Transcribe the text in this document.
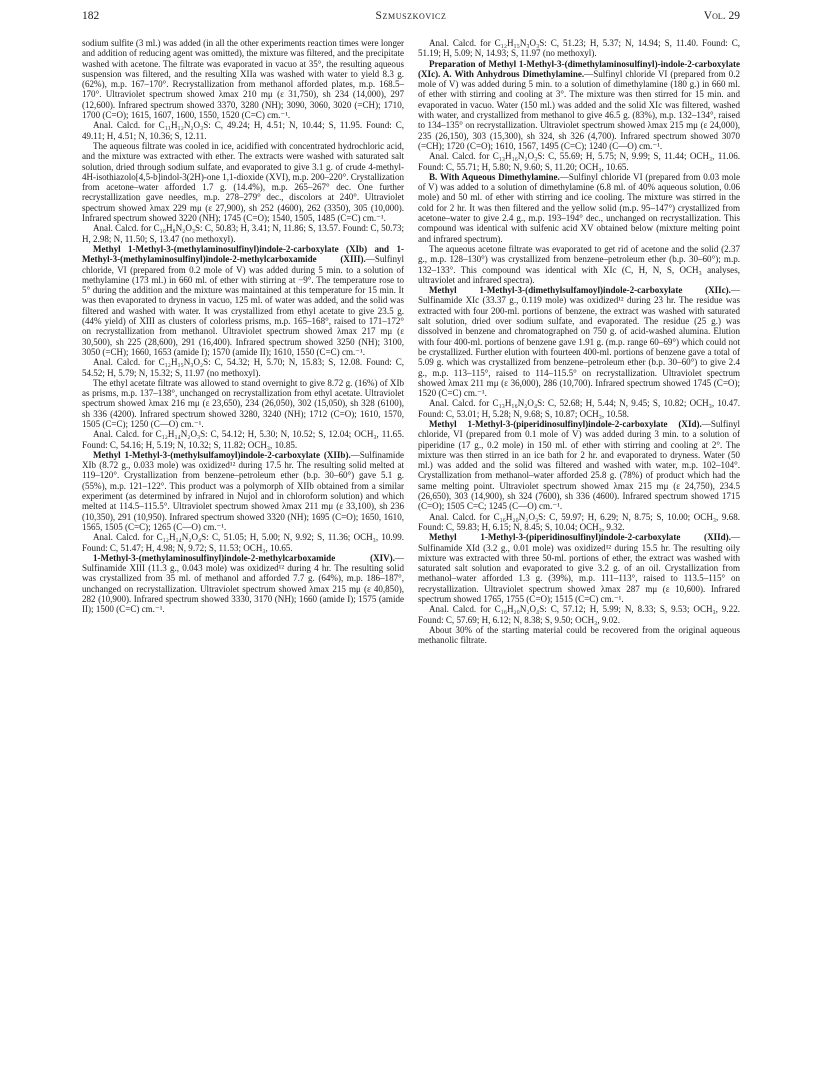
182	Szmuszkovicz	Vol. 29

sodium sulfite (3 ml.) was added (in all the other experiments reaction times were longer and addition of reducing agent was omitted), the mixture was filtered, and the precipitate washed with acetone. The filtrate was evaporated in vacuo at 35°, the resulting aqueous suspension was filtered, and the resulting XIIa was washed with water to yield 8.3 g. (62%), m.p. 167–170°. Recrystallization from methanol afforded plates, m.p. 168.5–170°. Ultraviolet spectrum showed λmax 210 mμ (ε 31,750), sh 234 (14,000), 297 (12,600). Infrared spectrum showed 3370, 3280 (NH); 3090, 3060, 3020 (=CH); 1710, 1700 (C=O); 1615, 1607, 1600, 1550, 1520 (C=C) cm.⁻¹.

Anal. Calcd. for C₁₁H₁₂N₂O₃S: C, 49.24; H, 4.51; N, 10.44; S, 11.95. Found: C, 49.11; H, 4.51; N, 10.36; S, 12.11.

The aqueous filtrate was cooled in ice, acidified with concentrated hydrochloric acid, and the mixture was extracted with ether. The extracts were washed with saturated salt solution, dried through sodium sulfate, and evaporated to give 3.1 g. of crude 4-methyl-4H-isothiazolo[4,5-b]indol-3(2H)-one 1,1-dioxide (XVI), m.p. 200–220°. Crystallization from acetone–water afforded 1.7 g. (14.4%), m.p. 265–267° dec. One further recrystallization gave needles, m.p. 278–279° dec., discolors at 240°. Ultraviolet spectrum showed λmax 229 mμ (ε 27,900), sh 252 (4600), 262 (3350), 305 (10,000). Infrared spectrum showed 3220 (NH); 1745 (C=O); 1540, 1505, 1485 (C=C) cm.⁻¹.

Anal. Calcd. for C₁₀H₈N₂O₃S: C, 50.83; H, 3.41; N, 11.86; S, 13.57. Found: C, 50.73; H, 2.98; N, 11.50; S, 13.47 (no methoxyl).

Methyl 1-Methyl-3-(methylaminosulfinyl)indole-2-carboxylate (XIb) and 1-Methyl-3-(methylaminosulfinyl)indole-2-methylcarboxamide (XIII).—Sulfinyl chloride, VI (prepared from 0.2 mole of V) was added during 5 min. to a solution of methylamine (173 ml.) in 660 ml. of ether with stirring at −9°. The temperature rose to 5° during the addition and the mixture was maintained at this temperature for 15 min. It was then evaporated to dryness in vacuo, 125 ml. of water was added, and the solid was filtered and washed with water. It was crystallized from ethyl acetate to give 23.5 g. (44% yield) of XIII as clusters of colorless prisms, m.p. 165–168°, raised to 171–172° on recrystallization from methanol. Ultraviolet spectrum showed λmax 217 mμ (ε 30,500), sh 225 (28,600), 291 (16,400). Infrared spectrum showed 3250 (NH); 3100, 3050 (=CH); 1660, 1653 (amide I); 1570 (amide II); 1610, 1550 (C=C) cm.⁻¹.

Anal. Calcd. for C₁₂H₁₅N₃O₂S: C, 54.32; H, 5.70; N, 15.83; S, 12.08. Found: C, 54.52; H, 5.79; N, 15.32; S, 11.97 (no methoxyl).

The ethyl acetate filtrate was allowed to stand overnight to give 8.72 g. (16%) of XIb as prisms, m.p. 137–138°, unchanged on recrystallization from ethyl acetate. Ultraviolet spectrum showed λmax 216 mμ (ε 23,650), 234 (26,050), 302 (15,050), sh 328 (6100), sh 336 (4200). Infrared spectrum showed 3280, 3240 (NH); 1712 (C=O); 1610, 1570, 1505 (C=C); 1250 (C—O) cm.⁻¹.

Anal. Calcd. for C₁₂H₁₄N₂O₃S: C, 54.12; H, 5.30; N, 10.52; S, 12.04; OCH₃, 11.65. Found: C, 54.16; H, 5.19; N, 10.32; S, 11.82; OCH₃, 10.85.

Methyl 1-Methyl-3-(methylsulfamoyl)indole-2-carboxylate (XIIb).—Sulfinamide XIb (8.72 g., 0.033 mole) was oxidized¹² during 17.5 hr. The resulting solid melted at 119–120°. Crystallization from benzene–petroleum ether (b.p. 30–60°) gave 5.1 g. (55%), m.p. 121–122°. This product was a polymorph of XIIb obtained from a similar experiment (as determined by infrared in Nujol and in chloroform solution) and which melted at 114.5–115.5°. Ultraviolet spectrum showed λmax 211 mμ (ε 33,100), sh 236 (10,350), 291 (10,950). Infrared spectrum showed 3320 (NH); 1695 (C=O); 1650, 1610, 1565, 1505 (C=C); 1265 (C—O) cm.⁻¹.

Anal. Calcd. for C₁₂H₁₄N₂O₄S: C, 51.05; H, 5.00; N, 9.92; S, 11.36; OCH₃, 10.99. Found: C, 51.47; H, 4.98; N, 9.72; S, 11.53; OCH₃, 10.65.

1-Methyl-3-(methylaminosulfinyl)indole-2-methylcarboxamide (XIV).—Sulfinamide XIII (11.3 g., 0.043 mole) was oxidized¹² during 4 hr. The resulting solid was crystallized from 35 ml. of methanol and afforded 7.7 g. (64%), m.p. 186–187°, unchanged on recrystallization. Ultraviolet spectrum showed λmax 215 mμ (ε 40,850), 282 (10,900). Infrared spectrum showed 3330, 3170 (NH); 1660 (amide I); 1575 (amide II); 1500 (C=C) cm.⁻¹.

Anal. Calcd. for C₁₂H₁₅N₃O₃S: C, 51.23; H, 5.37; N, 14.94; S, 11.40. Found: C, 51.19; H, 5.09; N, 14.93; S, 11.97 (no methoxyl).

Preparation of Methyl 1-Methyl-3-(dimethylaminosulfinyl)-indole-2-carboxylate (XIc). A. With Anhydrous Dimethylamine.—Sulfinyl chloride VI (prepared from 0.2 mole of V) was added during 5 min. to a solution of dimethylamine (180 g.) in 660 ml. of ether with stirring and cooling at 3°. The mixture was then stirred for 15 min. and evaporated in vacuo. Water (150 ml.) was added and the solid XIc was filtered, washed with water, and crystallized from methanol to give 46.5 g. (83%), m.p. 132–134°, raised to 134–135° on recrystallization. Ultraviolet spectrum showed λmax 215 mμ (ε 24,000), 235 (26,150), 303 (15,300), sh 324, sh 326 (4,700). Infrared spectrum showed 3070 (=CH); 1720 (C=O); 1610, 1567, 1495 (C=C); 1240 (C—O) cm.⁻¹.

Anal. Calcd. for C₁₃H₁₆N₂O₃S: C, 55.69; H, 5.75; N, 9.99; S, 11.44; OCH₃, 11.06. Found: C, 55.71; H, 5.80; N, 9.60; S, 11.20; OCH₃, 10.65.

B. With Aqueous Dimethylamine.—Sulfinyl chloride VI (prepared from 0.03 mole of V) was added to a solution of dimethylamine (6.8 ml. of 40% aqueous solution, 0.06 mole) and 50 ml. of ether with stirring and ice cooling. The mixture was stirred in the cold for 2 hr. It was then filtered and the yellow solid (m.p. 95–147°) crystallized from acetone–water to give 2.4 g., m.p. 193–194° dec., unchanged on recrystallization. This compound was identical with sulfenic acid XV obtained below (mixture melting point and infrared spectrum).

The aqueous acetone filtrate was evaporated to get rid of acetone and the solid (2.37 g., m.p. 128–130°) was crystallized from benzene–petroleum ether (b.p. 30–60°); m.p. 132–133°. This compound was identical with XIc (C, H, N, S, OCH₃ analyses, ultraviolet and infrared spectra).

Methyl 1-Methyl-3-(dimethylsulfamoyl)indole-2-carboxylate (XIIc).—Sulfinamide XIc (33.37 g., 0.119 mole) was oxidized¹² during 23 hr. The residue was extracted with four 200-ml. portions of benzene, the extract was washed with saturated salt solution, dried over sodium sulfate, and evaporated. The residue (25 g.) was dissolved in benzene and chromatographed on 750 g. of acid-washed alumina. Elution with four 400-ml. portions of benzene gave 1.91 g. (m.p. range 60–69°) which could not be crystallized. Further elution with fourteen 400-ml. portions of benzene gave a total of 5.09 g. which was crystallized from benzene–petroleum ether (b.p. 30–60°) to give 2.4 g., m.p. 113–115°, raised to 114–115.5° on recrystallization. Ultraviolet spectrum showed λmax 211 mμ (ε 36,000), 286 (10,700). Infrared spectrum showed 1745 (C=O); 1520 (C=C) cm.⁻¹.

Anal. Calcd. for C₁₃H₁₆N₂O₄S: C, 52.68; H, 5.44; N, 9.45; S, 10.82; OCH₃, 10.47. Found: C, 53.01; H, 5.28; N, 9.68; S, 10.87; OCH₃, 10.58.

Methyl 1-Methyl-3-(piperidinosulfinyl)indole-2-carboxylate (XId).—Sulfinyl chloride, VI (prepared from 0.1 mole of V) was added during 3 min. to a solution of piperidine (17 g., 0.2 mole) in 150 ml. of ether with stirring and cooling at 2°. The mixture was then stirred in an ice bath for 2 hr. and evaporated to dryness. Water (50 ml.) was added and the solid was filtered and washed with water, m.p. 102–104°. Crystallization from methanol–water afforded 25.8 g. (78%) of product which had the same melting point. Ultraviolet spectrum showed λmax 215 mμ (ε 24,750), 234.5 (26,650), 303 (14,900), sh 324 (7600), sh 336 (4600). Infrared spectrum showed 1715 (C=O); 1505 C=C; 1245 (C—O) cm.⁻¹.

Anal. Calcd. for C₁₆H₂₀N₂O₃S: C, 59.97; H, 6.29; N, 8.75; S, 10.00; OCH₃, 9.68. Found: C, 59.83; H, 6.15; N, 8.45; S, 10.04; OCH₃, 9.32.

Methyl 1-Methyl-3-(piperidinosulfinyl)indole-2-carboxylate (XIId).—Sulfinamide XId (3.2 g., 0.01 mole) was oxidized¹² during 15.5 hr. The resulting oily mixture was extracted with three 50-ml. portions of ether, the extract was washed with saturated salt solution and evaporated to give 3.2 g. of an oil. Crystallization from methanol–water afforded 1.3 g. (39%), m.p. 111–113°, raised to 113.5–115° on recrystallization. Ultraviolet spectrum showed λmax 287 mμ (ε 10,600). Infrared spectrum showed 1765, 1755 (C=O); 1515 (C=C) cm.⁻¹.

Anal. Calcd. for C₁₆H₂₀N₂O₄S: C, 57.12; H, 5.99; N, 8.33; S, 9.53; OCH₃, 9.22. Found: C, 57.69; H, 6.12; N, 8.38; S, 9.50; OCH₃, 9.02.

About 30% of the starting material could be recovered from the original aqueous methanolic filtrate.
